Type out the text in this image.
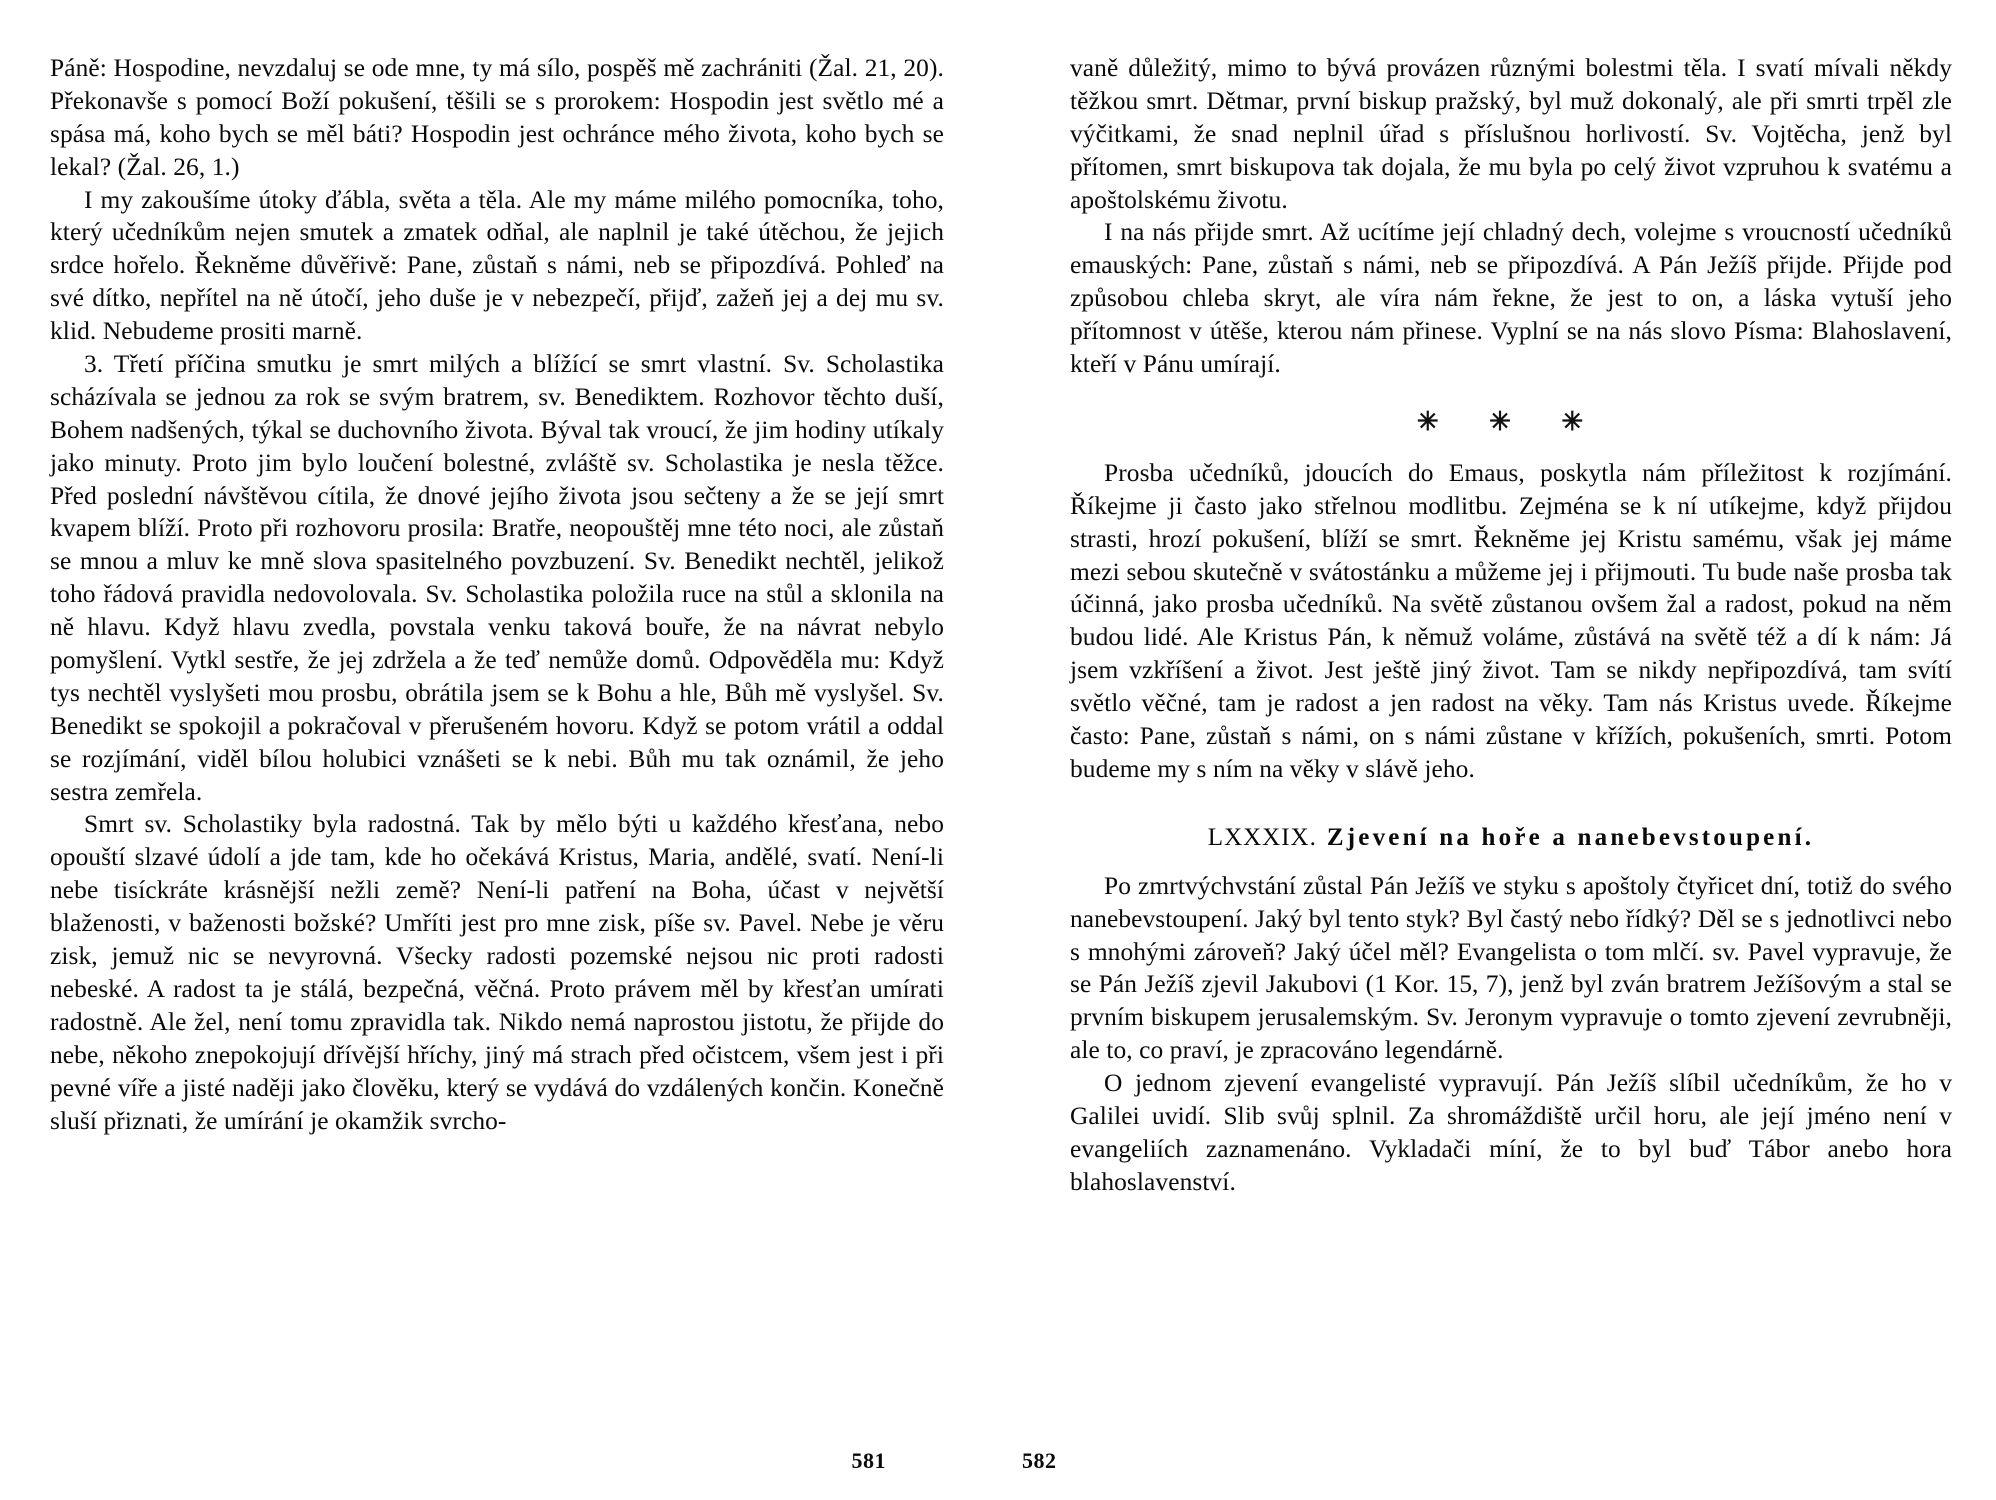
Páně: Hospodine, nevzdaluj se ode mne, ty má sílo, pospěš mě zachrániti (Žal. 21, 20). Překonavše s pomocí Boží pokušení, těšili se s prorokem: Hospodin jest světlo mé a spása má, koho bych se měl báti? Hospodin jest ochránce mého života, koho bych se lekal? (Žal. 26, 1.)

I my zakoušíme útoky ďábla, světa a těla. Ale my máme milého pomocníka, toho, který učedníkům nejen smutek a zmatek odňal, ale naplnil je také útěchou, že jejich srdce hořelo. Řekněme důvěřivě: Pane, zůstaň s námi, neb se připozdívá. Pohleď na své dítko, nepřítel na ně útočí, jeho duše je v nebezpečí, přijď, zažeň jej a dej mu sv. klid. Nebudeme prositi marně.

3. Třetí příčina smutku je smrt milých a blížící se smrt vlastní. Sv. Scholastika scházívala se jednou za rok se svým bratrem, sv. Benediktem. Rozhovor těchto duší, Bohem nadšených, týkal se duchovního života. Býval tak vroucí, že jim hodiny utíkaly jako minuty. Proto jim bylo loučení bolestné, zvláště sv. Scholastika je nesla těžce. Před poslední návštěvou cítila, že dnové jejího života jsou sečteny a že se její smrt kvapem blíží. Proto při rozhovoru prosila: Bratře, neopouštěj mne této noci, ale zůstaň se mnou a mluv ke mně slova spasitelného povzbuzení. Sv. Benedikt nechtěl, jelikož toho řádová pravidla nedovolovala. Sv. Scholastika položila ruce na stůl a sklonila na ně hlavu. Když hlavu zvedla, povstala venku taková bouře, že na návrat nebylo pomyšlení. Vytkl sestře, že jej zdržela a že teď nemůže domů. Odpověděla mu: Když tys nechtěl vyslyšeti mou prosbu, obrátila jsem se k Bohu a hle, Bůh mě vyslyšel. Sv. Benedikt se spokojil a pokračoval v přerušeném hovoru. Když se potom vrátil a oddal se rozjímání, viděl bílou holubici vznášeti se k nebi. Bůh mu tak oznámil, že jeho sestra zemřela.

Smrt sv. Scholastiky byla radostná. Tak by mělo býti u každého křesťana, nebo opouští slzavé údolí a jde tam, kde ho očekává Kristus, Maria, andělé, svatí. Není-li nebe tisíckráte krásnější nežli země? Není-li patření na Boha, účast v největší blaženosti, v baženosti božské? Umříti jest pro mne zisk, píše sv. Pavel. Nebe je věru zisk, jemuž nic se nevyrovná. Všecky radosti pozemské nejsou nic proti radosti nebeské. A radost ta je stálá, bezpečná, věčná. Proto právem měl by křesťan umírati radostně. Ale žel, není tomu zpravidla tak. Nikdo nemá naprostou jistotu, že přijde do nebe, někoho znepokojují dřívější hříchy, jiný má strach před očistcem, všem jest i při pevné víře a jisté naději jako člověku, který se vydává do vzdálených končin. Konečně sluší přiznati, že umírání je okamžik svrcho-

vaně důležitý, mimo to bývá provázen různými bolestmi těla. I svatí mívali někdy těžkou smrt. Dětmar, první biskup pražský, byl muž dokonalý, ale při smrti trpěl zle výčitkami, že snad neplnil úřad s příslušnou horlivostí. Sv. Vojtěcha, jenž byl přítomen, smrt biskupova tak dojala, že mu byla po celý život vzpruhou k svatému a apoštolskému životu.

I na nás přijde smrt. Až ucítíme její chladný dech, volejme s vroucností učedníků emauských: Pane, zůstaň s námi, neb se připozdívá. A Pán Ježíš přijde. Přijde pod způsobou chleba skryt, ale víra nám řekne, že jest to on, a láska vytuší jeho přítomnost v útěše, kterou nám přinese. Vyplní se na nás slovo Písma: Blahoslavení, kteří v Pánu umírají.

✳ ✳ ✳

Prosba učedníků, jdoucích do Emaus, poskytla nám příležitost k rozjímání. Říkejme ji často jako střelnou modlitbu. Zejména se k ní utíkejme, když přijdou strasti, hrozí pokušení, blíží se smrt. Řekněme jej Kristu samému, však jej máme mezi sebou skutečně v svátostánku a můžeme jej i přijmouti. Tu bude naše prosba tak účinná, jako prosba učedníků. Na světě zůstanou ovšem žal a radost, pokud na něm budou lidé. Ale Kristus Pán, k němuž voláme, zůstává na světě též a dí k nám: Já jsem vzkříšení a život. Jest ještě jiný život. Tam se nikdy nepřipozdívá, tam svítí světlo věčné, tam je radost a jen radost na věky. Tam nás Kristus uvede. Říkejme často: Pane, zůstaň s námi, on s námi zůstane v křížích, pokušeních, smrti. Potom budeme my s ním na věky v slávě jeho.

LXXXIX. Zjevení na hoře a nanebevstoupení.

Po zmrtvýchvstání zůstal Pán Ježíš ve styku s apoštoly čtyřicet dní, totiž do svého nanebevstoupení. Jaký byl tento styk? Byl častý nebo řídký? Děl se s jednotlivci nebo s mnohými zároveň? Jaký účel měl? Evangelista o tom mlčí. sv. Pavel vypravuje, že se Pán Ježíš zjevil Jakubovi (1 Kor. 15, 7), jenž byl zván bratrem Ježíšovým a stal se prvním biskupem jerusalemským. Sv. Jeronym vypravuje o tomto zjevení zevrubněji, ale to, co praví, je zpracováno legendárně.

O jednom zjevení evangelisté vypravují. Pán Ježíš slíbil učedníkům, že ho v Galilei uvidí. Slib svůj splnil. Za shromáždiště určil horu, ale její jméno není v evangeliích zaznamenáno. Vykladači míní, že to byl buď Tábor anebo hora blahoslavenství.

581	582
